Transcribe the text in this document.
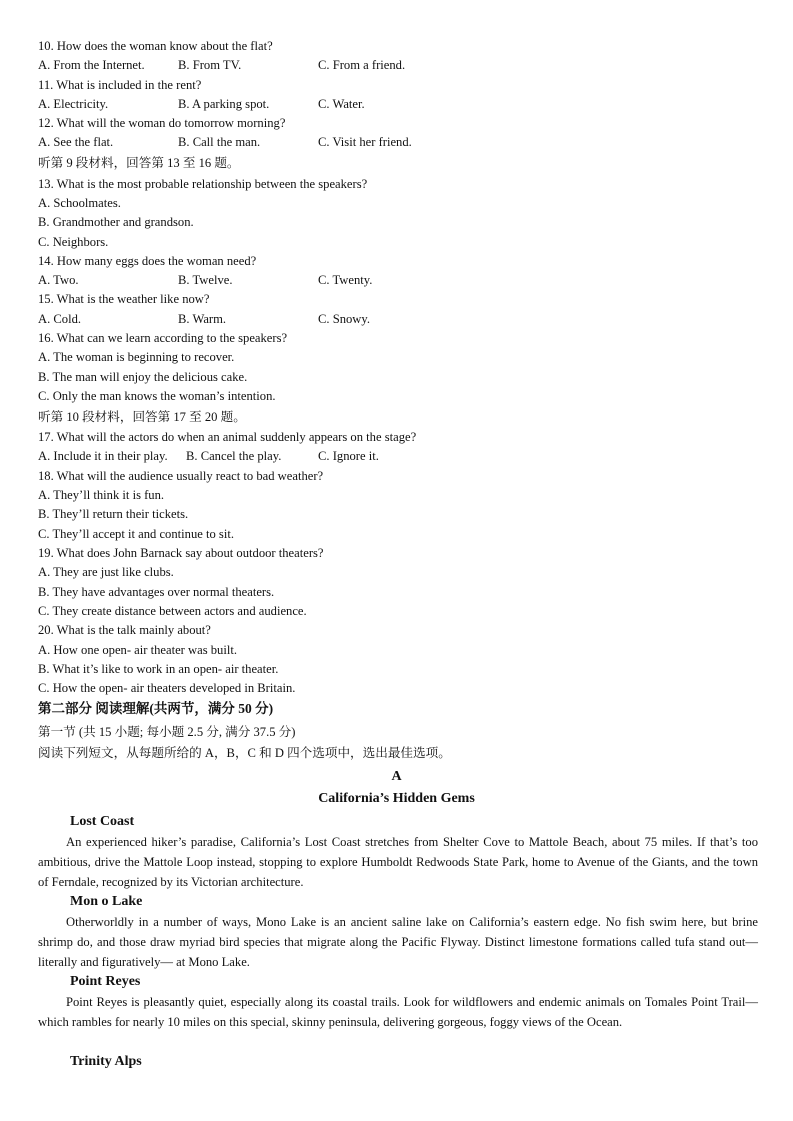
10. How does the woman know about the flat?
A. From the Internet.	B. From TV.	C. From a friend.
11. What is included in the rent?
A. Electricity.	B. A parking spot.	C. Water.
12. What will the woman do tomorrow morning?
A. See the flat.	B. Call the man.	C. Visit her friend.
听第 9 段材料，回答第 13 至 16 题。
13. What is the most probable relationship between the speakers?
A. Schoolmates.
B. Grandmother and grandson.
C. Neighbors.
14. How many eggs does the woman need?
A. Two.	B. Twelve.	C. Twenty.
15. What is the weather like now?
A. Cold.	B. Warm.	C. Snowy.
16. What can we learn according to the speakers?
A. The woman is beginning to recover.
B. The man will enjoy the delicious cake.
C. Only the man knows the woman’s intention.
听第 10 段材料，回答第 17 至 20 题。
17. What will the actors do when an animal suddenly appears on the stage?
A. Include it in their play. B. Cancel the play.	C. Ignore it.
18. What will the audience usually react to bad weather?
A. They’ll think it is fun.
B. They’ll return their tickets.
C. They’ll accept it and continue to sit.
19. What does John Barnack say about outdoor theaters?
A. They are just like clubs.
B. They have advantages over normal theaters.
C. They create distance between actors and audience.
20. What is the talk mainly about?
A. How one open- air theater was built.
B. What it’s like to work in an open- air theater.
C. How the open- air theaters developed in Britain.
第二部分 阅读理解(共两节，满分 50 分)
第一节 (共 15 小题; 每小题 2.5 分, 满分 37.5 分)
阅读下列短文，从每题所给的 A，B，C 和 D 四个选项中，选出最佳选项。
A
California’s Hidden Gems
Lost Coast
An experienced hiker’s paradise, California’s Lost Coast stretches from Shelter Cove to Mattole Beach, about 75 miles. If that’s too ambitious, drive the Mattole Loop instead, stopping to explore Humboldt Redwoods State Park, home to Avenue of the Giants, and the town of Ferndale, recognized by its Victorian architecture.
Mon o Lake
Otherworldly in a number of ways, Mono Lake is an ancient saline lake on California’s eastern edge. No fish swim here, but brine shrimp do, and those draw myriad bird species that migrate along the Pacific Flyway. Distinct limestone formations called tufa stand out— literally and figuratively— at Mono Lake.
Point Reyes
Point Reyes is pleasantly quiet, especially along its coastal trails. Look for wildflowers and endemic animals on Tomales Point Trail— which rambles for nearly 10 miles on this special, skinny peninsula, delivering gorgeous, foggy views of the Ocean.
Trinity Alps
